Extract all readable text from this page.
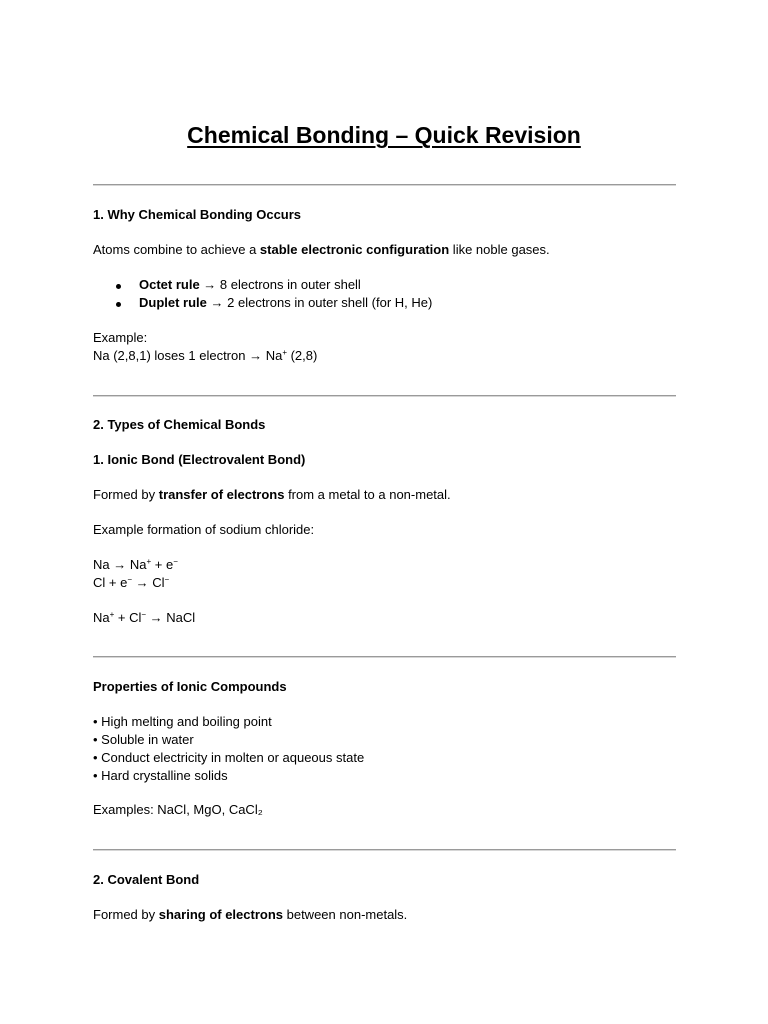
Chemical Bonding – Quick Revision
1. Why Chemical Bonding Occurs
Atoms combine to achieve a stable electronic configuration like noble gases.
Octet rule → 8 electrons in outer shell
Duplet rule → 2 electrons in outer shell (for H, He)
Example:
Na (2,8,1) loses 1 electron → Na+ (2,8)
2. Types of Chemical Bonds
1. Ionic Bond (Electrovalent Bond)
Formed by transfer of electrons from a metal to a non-metal.
Example formation of sodium chloride:
Na → Na+ + e−
Cl + e− → Cl−
Na+ + Cl− → NaCl
Properties of Ionic Compounds
• High melting and boiling point
• Soluble in water
• Conduct electricity in molten or aqueous state
• Hard crystalline solids
Examples: NaCl, MgO, CaCl₂
2. Covalent Bond
Formed by sharing of electrons between non-metals.
